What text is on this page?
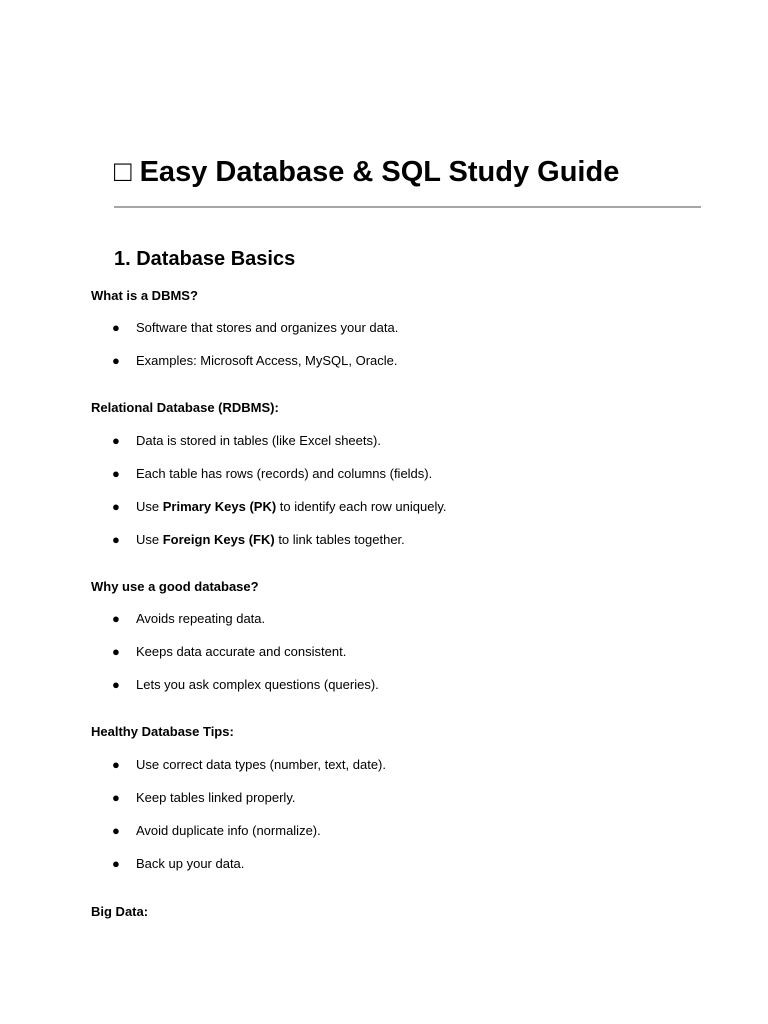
□ Easy Database & SQL Study Guide
1. Database Basics

What is a DBMS?

● Software that stores and organizes your data.
● Examples: Microsoft Access, MySQL, Oracle.

Relational Database (RDBMS):

● Data is stored in tables (like Excel sheets).
● Each table has rows (records) and columns (fields).
● Use Primary Keys (PK) to identify each row uniquely.
● Use Foreign Keys (FK) to link tables together.

Why use a good database?

● Avoids repeating data.
● Keeps data accurate and consistent.
● Lets you ask complex questions (queries).

Healthy Database Tips:

● Use correct data types (number, text, date).
● Keep tables linked properly.
● Avoid duplicate info (normalize).
● Back up your data.

Big Data:
